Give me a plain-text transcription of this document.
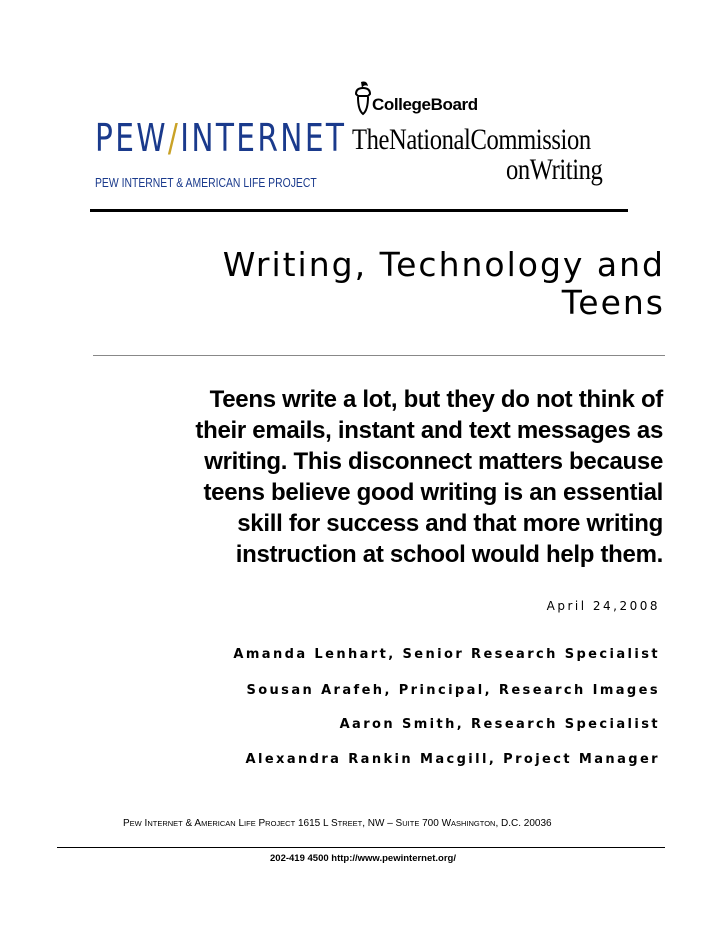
PEW/INTERNET
PEW INTERNET & AMERICAN LIFE PROJECT
CollegeBoard
TheNationalCommission
onWriting
Writing, Technology and
Teens
Teens write a lot, but they do not think of
their emails, instant and text messages as
writing. This disconnect matters because
teens believe good writing is an essential
skill for success and that more writing
instruction at school would help them.
April 24,2008
Amanda Lenhart, Senior Research Specialist
Sousan Arafeh, Principal, Research Images
Aaron Smith, Research Specialist
Alexandra Rankin Macgill, Project Manager
PEW INTERNET & AMERICAN LIFE PROJECT 1615 L STREET, NW – SUITE 700 WASHINGTON, D.C. 20036
202-419 4500 http://www.pewinternet.org/
